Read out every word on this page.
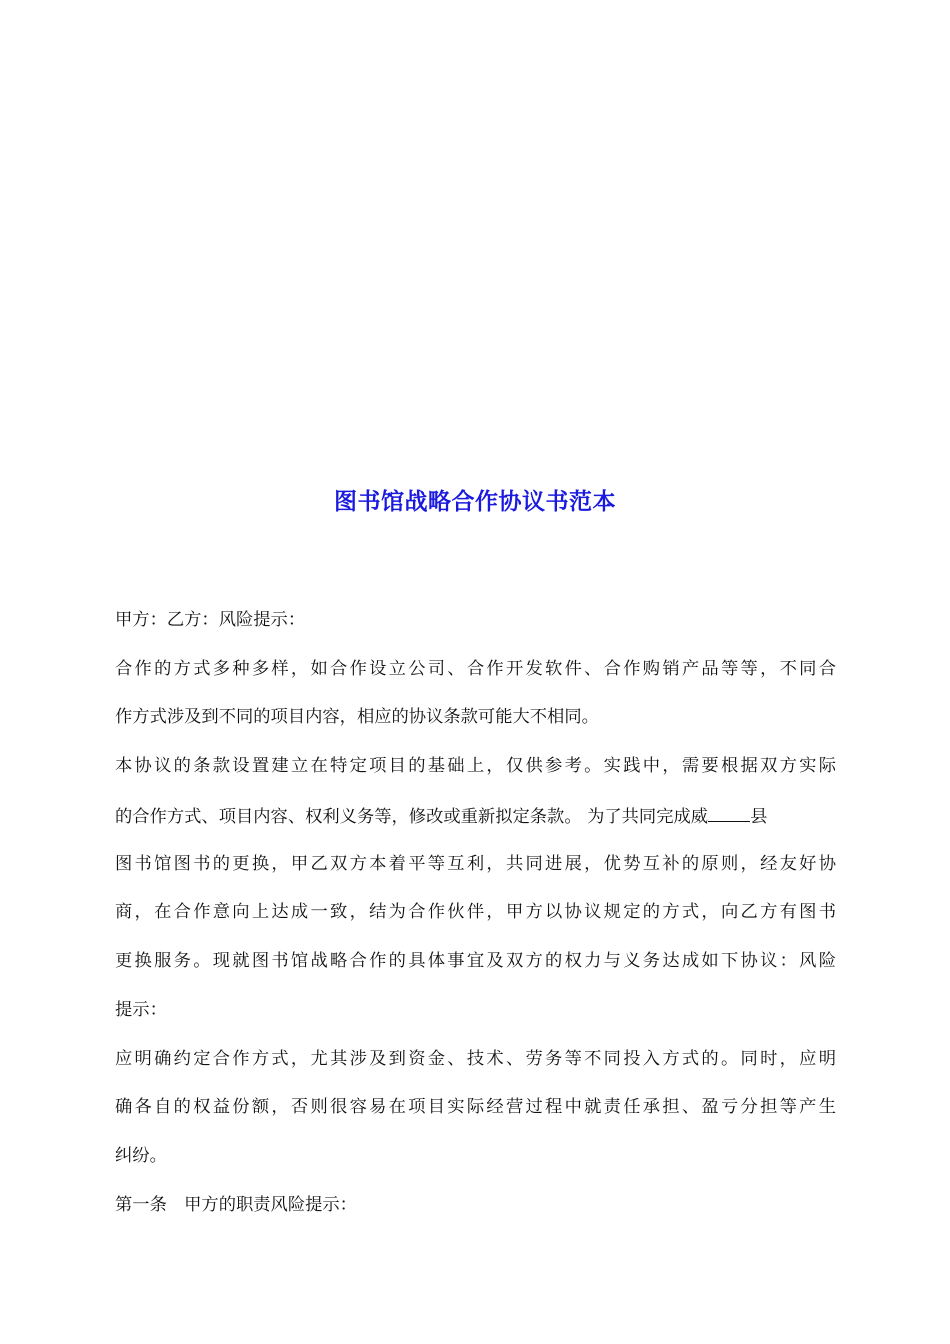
图书馆战略合作协议书范本

甲方：乙方：风险提示：

合作的方式多种多样，如合作设立公司、合作开发软件、合作购销产品等等，不同合

作方式涉及到不同的项目内容，相应的协议条款可能大不相同。

本协议的条款设置建立在特定项目的基础上，仅供参考。实践中，需要根据双方实际

的合作方式、项目内容、权利义务等，修改或重新拟定条款。 为了共同完成威 县

图书馆图书的更换，甲乙双方本着平等互利，共同进展，优势互补的原则，经友好协

商，在合作意向上达成一致，结为合作伙伴，甲方以协议规定的方式，向乙方有图书

更换服务。现就图书馆战略合作的具体事宜及双方的权力与义务达成如下协议：风险

提示：

应明确约定合作方式，尤其涉及到资金、技术、劳务等不同投入方式的。同时，应明

确各自的权益份额，否则很容易在项目实际经营过程中就责任承担、盈亏分担等产生

纠纷。

第一条　甲方的职责风险提示：
